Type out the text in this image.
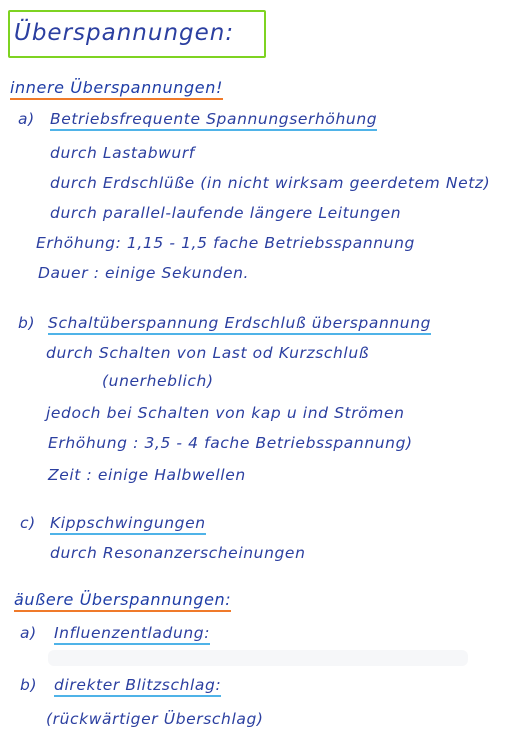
Überspannungen:
innere Überspannungen!
a) Betriebsfrequente Spannungserhöhung
durch Lastabwurf
durch Erdschlüße (in nicht wirksam geerdetem Netz)
durch parallel-laufende längere Leitungen
Erhöhung: 1,15 - 1,5 fache Betriebsspannung
Dauer : einige Sekunden.
b) Schaltüberspannung Erdschluß überspannung
durch Schalten von Last od Kurzschluß
(unerheblich)
jedoch bei Schalten von kap u ind Strömen
Erhöhung : 3,5 - 4 fache Betriebsspannung)
Zeit : einige Halbwellen
c) Kippschwingungen
durch Resonanzerscheinungen
äußere Überspannungen:
a) Influenzentladung:
b) direkter Blitzschlag:
(rückwärtiger Überschlag)
